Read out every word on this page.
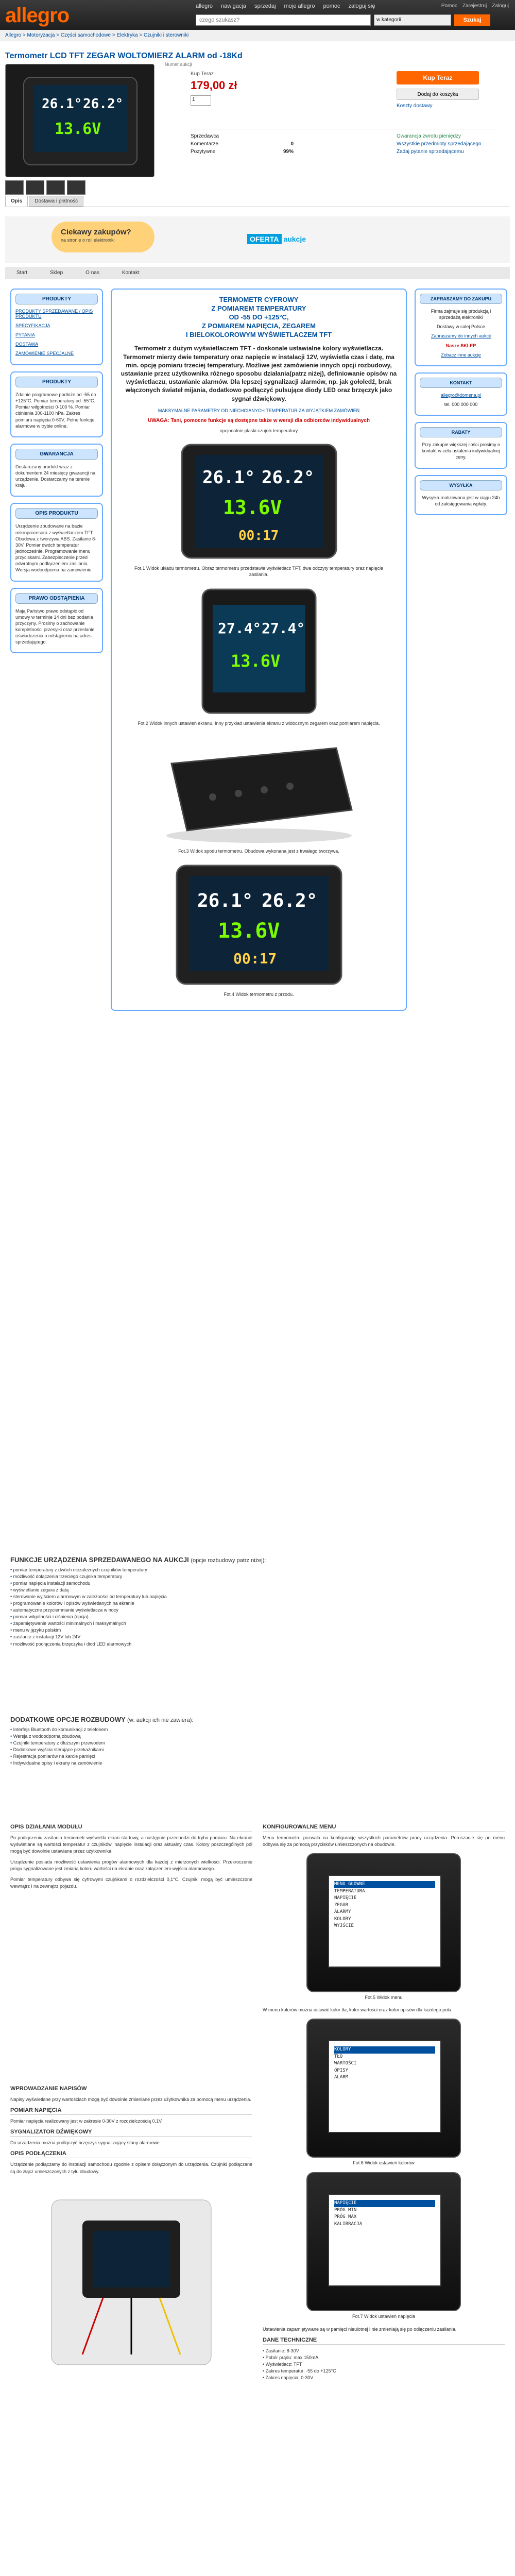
allegro	allegro nawigacja sprzedaj moje allegro pomoc zaloguj się	Pomoc Zarejestruj Zaloguj
czego szukasz?
w kategorii	Szukaj
Allegro > Motoryzacja > Części samochodowe > Elektryka > Czujniki i sterowniki
Termometr LCD TFT ZEGAR WOLTOMIERZ ALARM od -18Kd
Numer aukcji
26.1° 26.2°
13.6V
Kup Teraz
179,00 zł
1
Kup Teraz
Dodaj do koszyka
Koszty dostawy
Sprzedawca
Komentarze	0
Pozytywne	99%
Gwarancja zwrotu pieniędzy
Wszystkie przedmioty sprzedającego
Zadaj pytanie sprzedającemu
Opis	Dostawa i płatność
Ciekawy zakupów?
na stronie o roli elektroniki	OFERTA aukcje
Start	Sklep	O nas	Kontakt
PRODUKTY
PRODUKTY SPRZEDAWANE / OPIS PRODUKTU
SPECYFIKACJA
PYTANIA
DOSTAWA
ZAMÓWIENIE SPECJALNE
PRODUKTY

Zdalnie programowe podłoże od -55 do +125°C. Pomiar temperatury od -55°C. Pomiar wilgotności 0-100 %. Pomiar ciśnienia 300-1100 hPa. Zakres pomiaru napięcia 0-60V. Pełne funkcje alarmowe w trybie online.

GWARANCJA

Dostarczany produkt wraz z dokumentem 24 miesięcy gwarancji na urządzenie. Dostarczamy na terenie kraju.

OPIS PRODUKTU

Urządzenie zbudowane na bazie mikroprocesora z wyświetlaczem TFT. Obudowa z tworzywa ABS. Zasilanie 8-30V. Pomiar dwóch temperatur jednocześnie. Programowanie menu przyciskami. Zabezpieczenie przed odwrotnym podłączeniem zasilania. Wersja wodoodporna na zamówienie.

PRAWO ODSTĄPIENIA

Mają Państwo prawo odstąpić od umowy w terminie 14 dni bez podania przyczyny. Prosimy o zachowanie kompletności przesyłki oraz przesłanie oświadczenia o odstąpieniu na adres sprzedającego.

ZAPRASZAMY DO ZAKUPU

Firma zajmuje się produkcją i sprzedażą elektroniki

Dostawy w całej Polsce

Zapraszamy do innych aukcji

Nasze SKLEP

Zobacz inne aukcje

KONTAKT

allegro@domena.pl

tel. 000 000 000

RABATY

Przy zakupie większej ilości prosimy o kontakt w celu ustalenia indywidualnej ceny.

WYSYŁKA

Wysyłka realizowana jest w ciągu 24h od zaksięgowania wpłaty.

TERMOMETR CYFROWY
Z POMIAREM TEMPERATURY
OD -55 DO +125°C,
Z POMIAREM NAPIĘCIA, ZEGAREM
I BIELOKOLOROWYM WYŚWIETLACZEM TFT
Termometr z dużym wyświetlaczem TFT - doskonale ustawialne kolory wyświetlacza. Termometr mierzy dwie temperatury oraz napięcie w instalacji 12V, wyświetla czas i datę, ma min. opcję pomiaru trzeciej temperatury. Możliwe jest zamówienie innych opcji rozbudowy, ustawianie przez użytkownika różnego sposobu działania(patrz niżej), definiowanie opisów na wyświetlaczu, ustawianie alarmów. Dla lepszej sygnalizacji alarmów, np. jak gołoledź, brak włączonych świateł mijania, dodatkowo podłączyć pulsujące diody LED oraz brzęczyk jako sygnał dźwiękowy.
MAKSYMALNE PARAMETRY OD NIECHCIANYCH TEMPERATUR ZA WYJĄTKIEM ZAMÓWIEŃ
UWAGA: Tani, pomocne funkcje są dostępne także w wersji dla odbiorców indywidualnych
opcjonalnie płaski czujnik temperatury
26.1° 26.2°
13.6V
00:17
Fot.1 Widok układu termometru. Obraz termometru przedstawia wyświetlacz TFT, dwa odczyty temperatury oraz napięcie zasilania.
27.4° 27.4°
13.6V
Fot.2 Widok innych ustawień ekranu. Inny przykład ustawienia ekranu z widocznym zegarem oraz pomiarem napięcia.
Fot.3 Widok spodu termometru. Obudowa wykonana jest z trwałego tworzywa.
26.1° 26.2°
13.6V
00:17
Fot.4 Widok termometru z przodu.
FUNKCJE URZĄDZENIA SPRZEDAWANEGO NA AUKCJI (opcje rozbudowy patrz niżej):
• pomiar temperatury z dwóch niezależnych czujników temperatury
• możliwość dołączenia trzeciego czujnika temperatury
• pomiar napięcia instalacji samochodu
• wyświetlanie zegara z datą
• sterowanie wyjściem alarmowym w zależności od temperatury lub napięcia
• programowanie kolorów i opisów wyświetlanych na ekranie
• automatyczne przyciemnianie wyświetlacza w nocy
• pomiar wilgotności i ciśnienia (opcja)
• zapamiętywanie wartości minimalnych i maksymalnych
• menu w języku polskim
• zasilanie z instalacji 12V lub 24V
• możliwość podłączenia brzęczyka i diod LED alarmowych
DODATKOWE OPCJE ROZBUDOWY (w: aukcji ich nie zawiera):
• Interfejs Bluetooth do komunikacji z telefonem
• Wersja z wodoodporną obudową
• Czujniki temperatury z dłuższym przewodem
• Dodatkowe wyjścia sterujące przekaźnikami
• Rejestracja pomiarów na karcie pamięci
• Indywidualne opisy i ekrany na zamówienie
OPIS DZIAŁANIA MODUŁU

Po podłączeniu zasilania termometr wyświetla ekran startowy, a następnie przechodzi do trybu pomiaru. Na ekranie wyświetlane są wartości temperatur z czujników, napięcie instalacji oraz aktualny czas. Kolory poszczególnych pól mogą być dowolnie ustawiane przez użytkownika.

Urządzenie posiada możliwość ustawienia progów alarmowych dla każdej z mierzonych wielkości. Przekroczenie progu sygnalizowane jest zmianą koloru wartości na ekranie oraz załączeniem wyjścia alarmowego.

Pomiar temperatury odbywa się cyfrowymi czujnikami o rozdzielczości 0,1°C. Czujniki mogą być umieszczone wewnątrz i na zewnątrz pojazdu.

WPROWADZANIE NAPISÓW

Napisy wyświetlane przy wartościach mogą być dowolnie zmieniane przez użytkownika za pomocą menu urządzenia.

POMIAR NAPIĘCIA

Pomiar napięcia realizowany jest w zakresie 0-30V z rozdzielczością 0,1V.

SYGNALIZATOR DŹWIĘKOWY

Do urządzenia można podłączyć brzęczyk sygnalizujący stany alarmowe.

OPIS PODŁĄCZENIA

Urządzenie podłączamy do instalacji samochodu zgodnie z opisem dołączonym do urządzenia. Czujniki podłączane są do złącz umieszczonych z tyłu obudowy.

KONFIGUROWALNE MENU

Menu termometru pozwala na konfigurację wszystkich parametrów pracy urządzenia. Poruszanie się po menu odbywa się za pomocą przycisków umieszczonych na obudowie.

MENU GŁÓWNE
TEMPERATURA
NAPIĘCIE
ZEGAR
ALARMY
KOLORY
WYJŚCIE
Fot.5 Widok menu

W menu kolorów można ustawić kolor tła, kolor wartości oraz kolor opisów dla każdego pola.

KOLORY
TŁO
WARTOŚCI
OPISY
ALARM
Fot.6 Widok ustawień kolorów
NAPIĘCIE
PRÓG MIN
PRÓG MAX
KALIBRACJA
Fot.7 Widok ustawień napięcia

Ustawienia zapamiętywane są w pamięci nieulotnej i nie zmieniają się po odłączeniu zasilania.

DANE TECHNICZNE
• Zasilanie: 8-30V
• Pobór prądu: max 150mA
• Wyświetlacz: TFT
• Zakres temperatur: -55 do +125°C
• Zakres napięcia: 0-30V
